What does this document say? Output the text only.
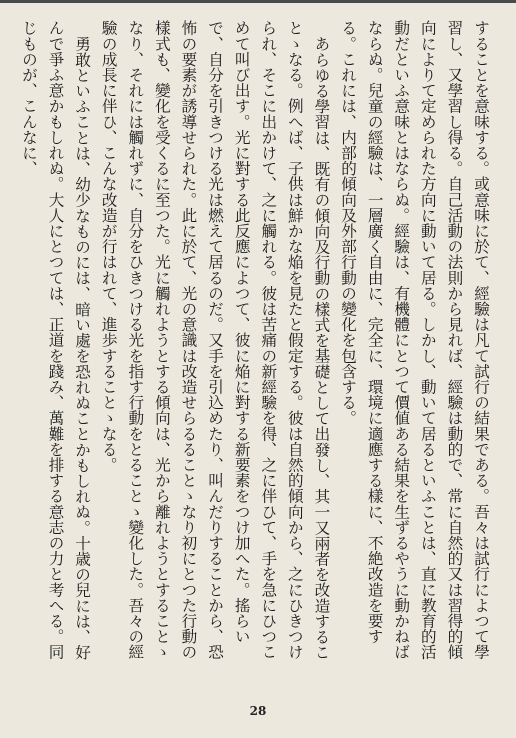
することを意味する。或意味に於て、經驗は凡て試行の結果である。吾々は試行によつて學習し、又學習し得る。自己活動の法則から見れば、經驗は動的で、常に自然的又は習得的傾向によりて定められた方向に動いて居る。しかし、動いて居るといふことは、直に教育的活動だといふ意味とはならぬ。經驗は、有機體にとつて價値ある結果を生ずるやうに動かねばならぬ。兒童の經驗は、一層廣く自由に、完全に、環境に適應する樣に、不絶改造を要する。これには、内部的傾向及外部行動の變化を包含する。

あらゆる學習は、既有の傾向及行動の樣式を基礎として出發し、其一又兩者を改造することゝなる。例へば、子供は鮮かな焔を見たと假定する。彼は自然的傾向から、之にひきつけられ、そこに出かけて、之に觸れる。彼は苦痛の新經驗を得、之に伴ひて、手を急にひつこめて叫び出す。光に對する此反應によつて、彼に焔に對する新要素をつけ加へた。搖らいで、自分を引きつける光は燃えて居るのだ。又手を引込めたり、叫んだりすることから、恐怖の要素が誘導せられた。此に於て、光の意識は改造せらるることゝなり初にとつた行動の樣式も、變化を受くるに至つた。光に觸れようとする傾向は、光から離れようとすることゝなり、それには觸れずに、自分をひきつける光を指す行動をとることゝ變化した。吾々の經驗の成長に伴ひ、こんな改造が行はれて、進歩することゝなる。

勇敢といふことは、幼少なものには、暗い處を恐れぬことかもしれぬ。十歳の兒には、好んで爭ふ意かもしれぬ。大人にとつては、正道を踐み、萬難を排する意志の力と考へる。同じものが、こんなに、

28
